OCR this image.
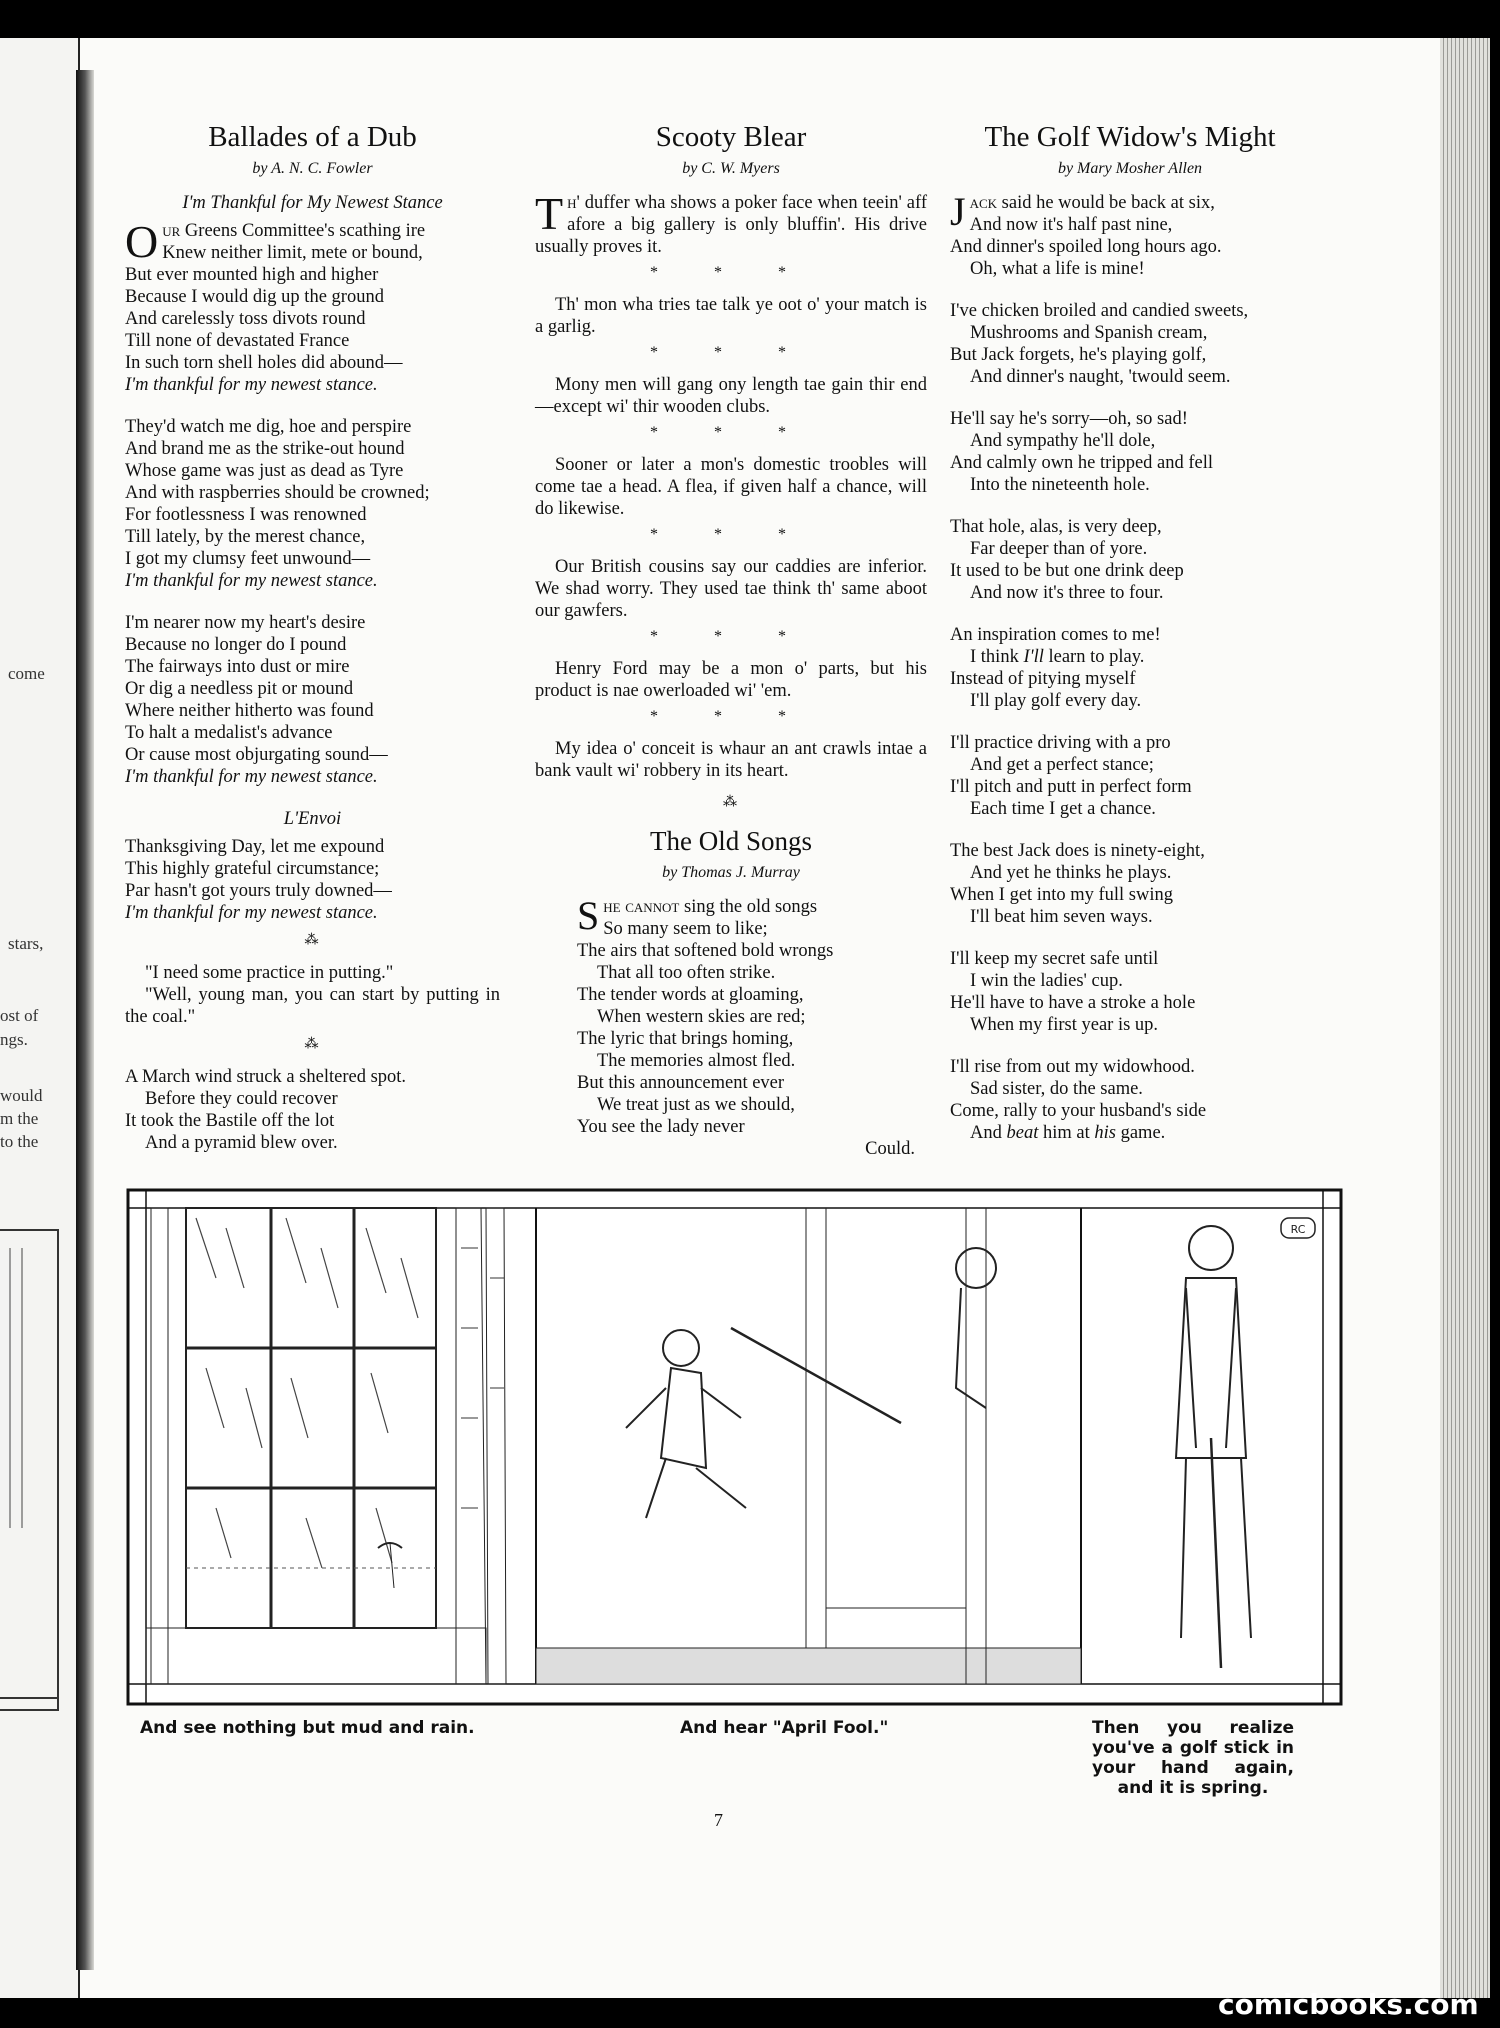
come
stars,
ost of
ngs.
would
m the
to the
Ballades of a Dub
by A. N. C. Fowler
I'm Thankful for My Newest Stance
Our Greens Committee's scathing ire
Knew neither limit, mete or bound,
But ever mounted high and higher
Because I would dig up the ground
And carelessly toss divots round
Till none of devastated France
In such torn shell holes did abound—
I'm thankful for my newest stance.
They'd watch me dig, hoe and perspire
And brand me as the strike-out hound
Whose game was just as dead as Tyre
And with raspberries should be crowned;
For footlessness I was renowned
Till lately, by the merest chance,
I got my clumsy feet unwound—
I'm thankful for my newest stance.
I'm nearer now my heart's desire
Because no longer do I pound
The fairways into dust or mire
Or dig a needless pit or mound
Where neither hitherto was found
To halt a medalist's advance
Or cause most objurgating sound—
I'm thankful for my newest stance.
L'Envoi
Thanksgiving Day, let me expound
This highly grateful circumstance;
Par hasn't got yours truly downed—
I'm thankful for my newest stance.
⁂

"I need some practice in putting."

"Well, young man, you can start by putting in the coal."

⁂
A March wind struck a sheltered spot.
Before they could recover
It took the Bastile off the lot
And a pyramid blew over.
Scooty Blear
by C. W. Myers

Th' duffer wha shows a poker face when teein' aff afore a big gallery is only bluffin'. His drive usually proves it.

* * *

Th' mon wha tries tae talk ye oot o' your match is a garlig.

* * *

Mony men will gang ony length tae gain thir end—except wi' thir wooden clubs.

* * *

Sooner or later a mon's domestic troobles will come tae a head. A flea, if given half a chance, will do likewise.

* * *

Our British cousins say our caddies are inferior. We shad worry. They used tae think th' same aboot our gawfers.

* * *

Henry Ford may be a mon o' parts, but his product is nae owerloaded wi' 'em.

* * *

My idea o' conceit is whaur an ant crawls intae a bank vault wi' robbery in its heart.

⁂
The Old Songs
by Thomas J. Murray
She cannot sing the old songs
So many seem to like;
The airs that softened bold wrongs
That all too often strike.
The tender words at gloaming,
When western skies are red;
The lyric that brings homing,
The memories almost fled.
But this announcement ever
We treat just as we should,
You see the lady never
Could.
The Golf Widow's Might
by Mary Mosher Allen
Jack said he would be back at six,
And now it's half past nine,
And dinner's spoiled long hours ago.
Oh, what a life is mine!
I've chicken broiled and candied sweets,
Mushrooms and Spanish cream,
But Jack forgets, he's playing golf,
And dinner's naught, 'twould seem.
He'll say he's sorry—oh, so sad!
And sympathy he'll dole,
And calmly own he tripped and fell
Into the nineteenth hole.
That hole, alas, is very deep,
Far deeper than of yore.
It used to be but one drink deep
And now it's three to four.
An inspiration comes to me!
I think I'll learn to play.
Instead of pitying myself
I'll play golf every day.
I'll practice driving with a pro
And get a perfect stance;
I'll pitch and putt in perfect form
Each time I get a chance.
The best Jack does is ninety-eight,
And yet he thinks he plays.
When I get into my full swing
I'll beat him seven ways.
I'll keep my secret safe until
I win the ladies' cup.
He'll have to have a stroke a hole
When my first year is up.
I'll rise from out my widowhood.
Sad sister, do the same.
Come, rally to your husband's side
And beat him at his game.
RC
And see nothing but mud and rain.	And hear "April Fool."	Then you realize you've a golf stick in your hand again, and it is spring.
7
comicbooks.com
